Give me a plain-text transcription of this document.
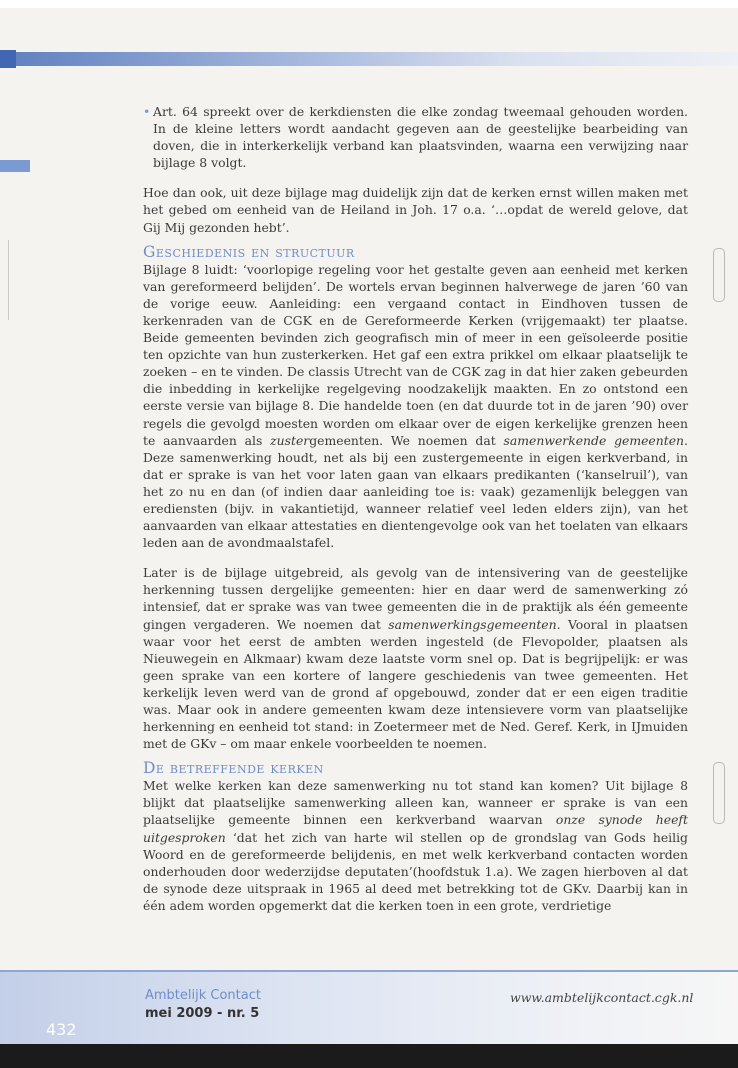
• Art. 64 spreekt over de kerkdiensten die elke zondag tweemaal gehouden worden. In de kleine letters wordt aandacht gegeven aan de geestelijke bearbeiding van doven, die in interkerkelijk verband kan plaatsvinden, waarna een verwijzing naar bijlage 8 volgt.

Hoe dan ook, uit deze bijlage mag duidelijk zijn dat de kerken ernst willen maken met het gebed om eenheid van de Heiland in Joh. 17 o.a. ‘…opdat de wereld gelove, dat Gij Mij gezonden hebt’.

Geschiedenis en structuur

Bijlage 8 luidt: ‘voorlopige regeling voor het gestalte geven aan eenheid met kerken van gereformeerd belijden’. De wortels ervan beginnen halverwege de jaren ’60 van de vorige eeuw. Aanleiding: een vergaand contact in Eindhoven tussen de kerkenraden van de CGK en de Gereformeerde Kerken (vrijgemaakt) ter plaatse. Beide gemeenten bevinden zich geografisch min of meer in een geïsoleerde positie ten opzichte van hun zusterkerken. Het gaf een extra prikkel om elkaar plaatselijk te zoeken – en te vinden. De classis Utrecht van de CGK zag in dat hier zaken gebeurden die inbedding in kerkelijke regelgeving noodzakelijk maakten. En zo ontstond een eerste versie van bijlage 8. Die handelde toen (en dat duurde tot in de jaren ’90) over regels die gevolgd moesten worden om elkaar over de eigen kerkelijke grenzen heen te aanvaarden als zustergemeenten. We noemen dat samenwerkende gemeenten. Deze samenwerking houdt, net als bij een zustergemeente in eigen kerkverband, in dat er sprake is van het voor laten gaan van elkaars predikanten (‘kanselruil’), van het zo nu en dan (of indien daar aanleiding toe is: vaak) gezamenlijk beleggen van erediensten (bijv. in vakantietijd, wanneer relatief veel leden elders zijn), van het aanvaarden van elkaar attestaties en dientengevolge ook van het toelaten van elkaars leden aan de avondmaalstafel.

Later is de bijlage uitgebreid, als gevolg van de intensivering van de geestelijke herkenning tussen dergelijke gemeenten: hier en daar werd de samenwerking zó intensief, dat er sprake was van twee gemeenten die in de praktijk als één gemeente gingen vergaderen. We noemen dat samenwerkingsgemeenten. Vooral in plaatsen waar voor het eerst de ambten werden ingesteld (de Flevopolder, plaatsen als Nieuwegein en Alkmaar) kwam deze laatste vorm snel op. Dat is begrijpelijk: er was geen sprake van een kortere of langere geschiedenis van twee gemeenten. Het kerkelijk leven werd van de grond af opgebouwd, zonder dat er een eigen traditie was. Maar ook in andere gemeenten kwam deze intensievere vorm van plaatselijke herkenning en eenheid tot stand: in Zoetermeer met de Ned. Geref. Kerk, in IJmuiden met de GKv – om maar enkele voorbeelden te noemen.

De betreffende kerken

Met welke kerken kan deze samenwerking nu tot stand kan komen? Uit bijlage 8 blijkt dat plaatselijke samenwerking alleen kan, wanneer er sprake is van een plaatselijke gemeente binnen een kerkverband waarvan onze synode heeft uitgesproken ‘dat het zich van harte wil stellen op de grondslag van Gods heilig Woord en de gereformeerde belijdenis, en met welk kerkverband contacten worden onderhouden door wederzijdse deputaten’(hoofdstuk 1.a). We zagen hierboven al dat de synode deze uitspraak in 1965 al deed met betrekking tot de GKv. Daarbij kan in één adem worden opgemerkt dat die kerken toen in een grote, verdrietige

432
Ambtelijk Contact
mei 2009 - nr. 5
www.ambtelijkcontact.cgk.nl
